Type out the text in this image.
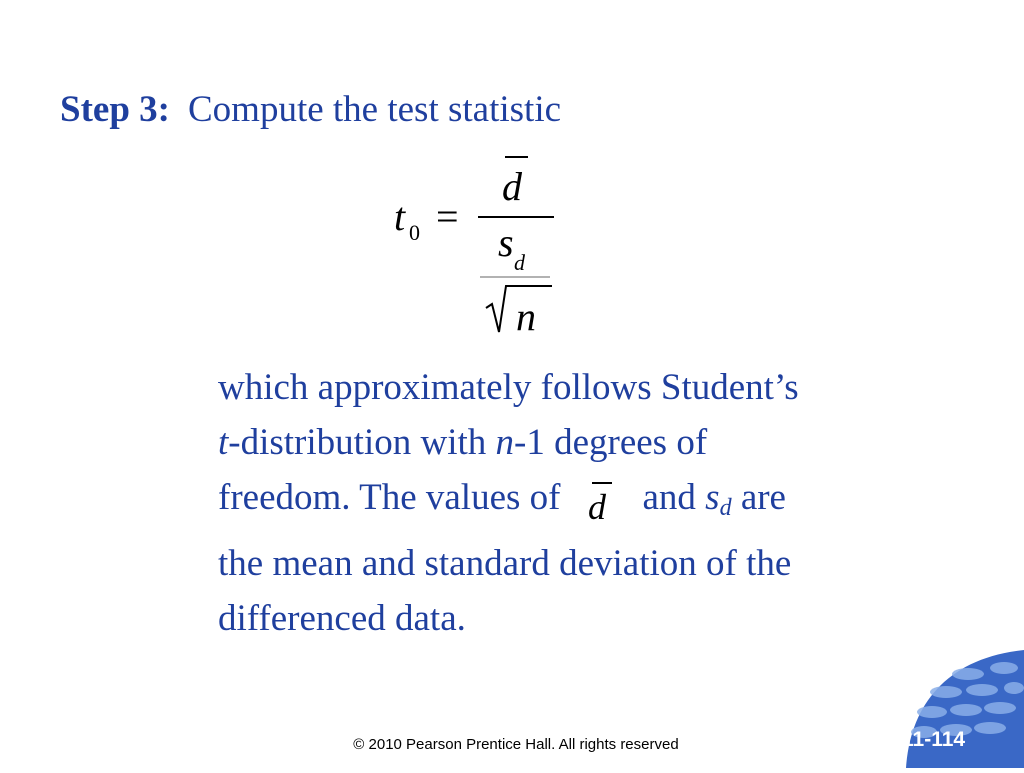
Step 3: Compute the test statistic
t 0 =
d
s d
n
which approximately follows Student’s
t-distribution with n-1 degrees of
freedom. The values of d and $s_d$ are
the mean and standard deviation of the
differenced data.
© 2010 Pearson Prentice Hall. All rights reserved	11-114
